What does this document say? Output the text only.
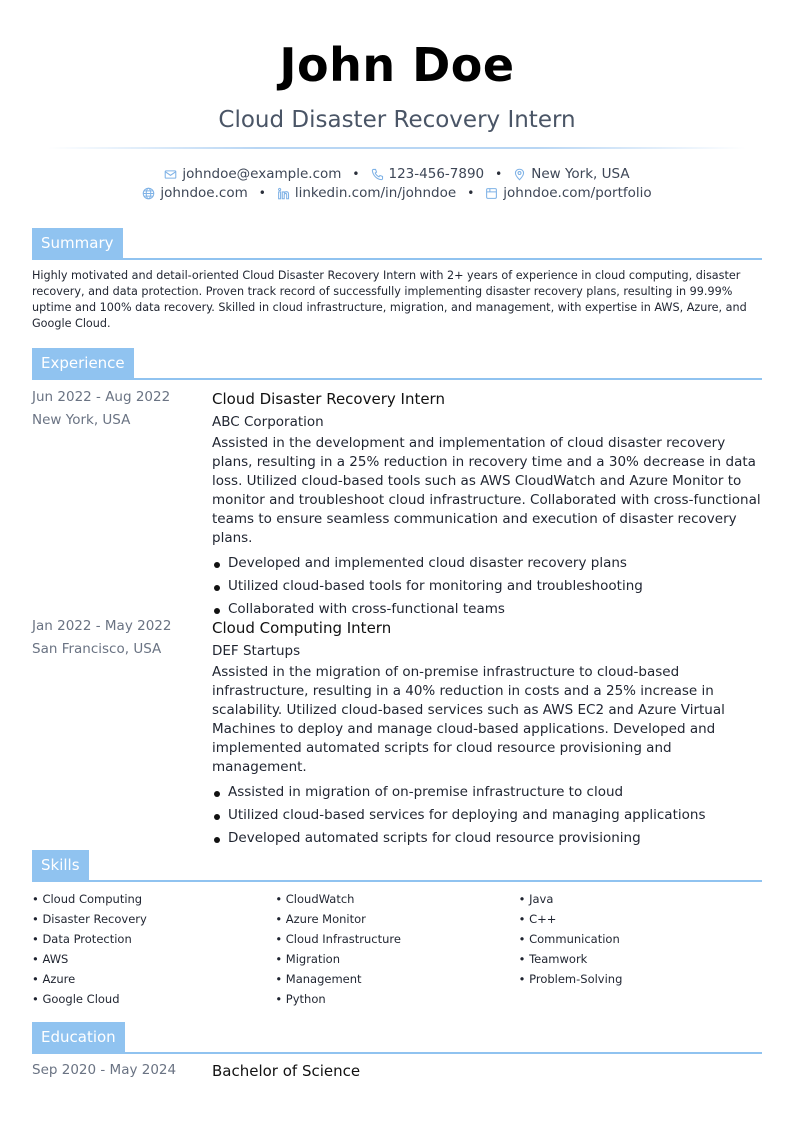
John Doe
Cloud Disaster Recovery Intern
johndoe@example.com • 123-456-7890 • New York, USA
johndoe.com • linkedin.com/in/johndoe • johndoe.com/portfolio
Summary
Highly motivated and detail-oriented Cloud Disaster Recovery Intern with 2+ years of experience in cloud computing, disaster recovery, and data protection. Proven track record of successfully implementing disaster recovery plans, resulting in 99.99% uptime and 100% data recovery. Skilled in cloud infrastructure, migration, and management, with expertise in AWS, Azure, and Google Cloud.
Experience
Jun 2022 - Aug 2022
New York, USA
Cloud Disaster Recovery Intern
ABC Corporation
Assisted in the development and implementation of cloud disaster recovery plans, resulting in a 25% reduction in recovery time and a 30% decrease in data loss. Utilized cloud-based tools such as AWS CloudWatch and Azure Monitor to monitor and troubleshoot cloud infrastructure. Collaborated with cross-functional teams to ensure seamless communication and execution of disaster recovery plans.
Developed and implemented cloud disaster recovery plans
Utilized cloud-based tools for monitoring and troubleshooting
Collaborated with cross-functional teams
Jan 2022 - May 2022
San Francisco, USA
Cloud Computing Intern
DEF Startups
Assisted in the migration of on-premise infrastructure to cloud-based infrastructure, resulting in a 40% reduction in costs and a 25% increase in scalability. Utilized cloud-based services such as AWS EC2 and Azure Virtual Machines to deploy and manage cloud-based applications. Developed and implemented automated scripts for cloud resource provisioning and management.
Assisted in migration of on-premise infrastructure to cloud
Utilized cloud-based services for deploying and managing applications
Developed automated scripts for cloud resource provisioning
Skills
• Cloud Computing
• Disaster Recovery
• Data Protection
• AWS
• Azure
• Google Cloud
• CloudWatch
• Azure Monitor
• Cloud Infrastructure
• Migration
• Management
• Python
• Java
• C++
• Communication
• Teamwork
• Problem-Solving
Education
Sep 2020 - May 2024 Bachelor of Science
